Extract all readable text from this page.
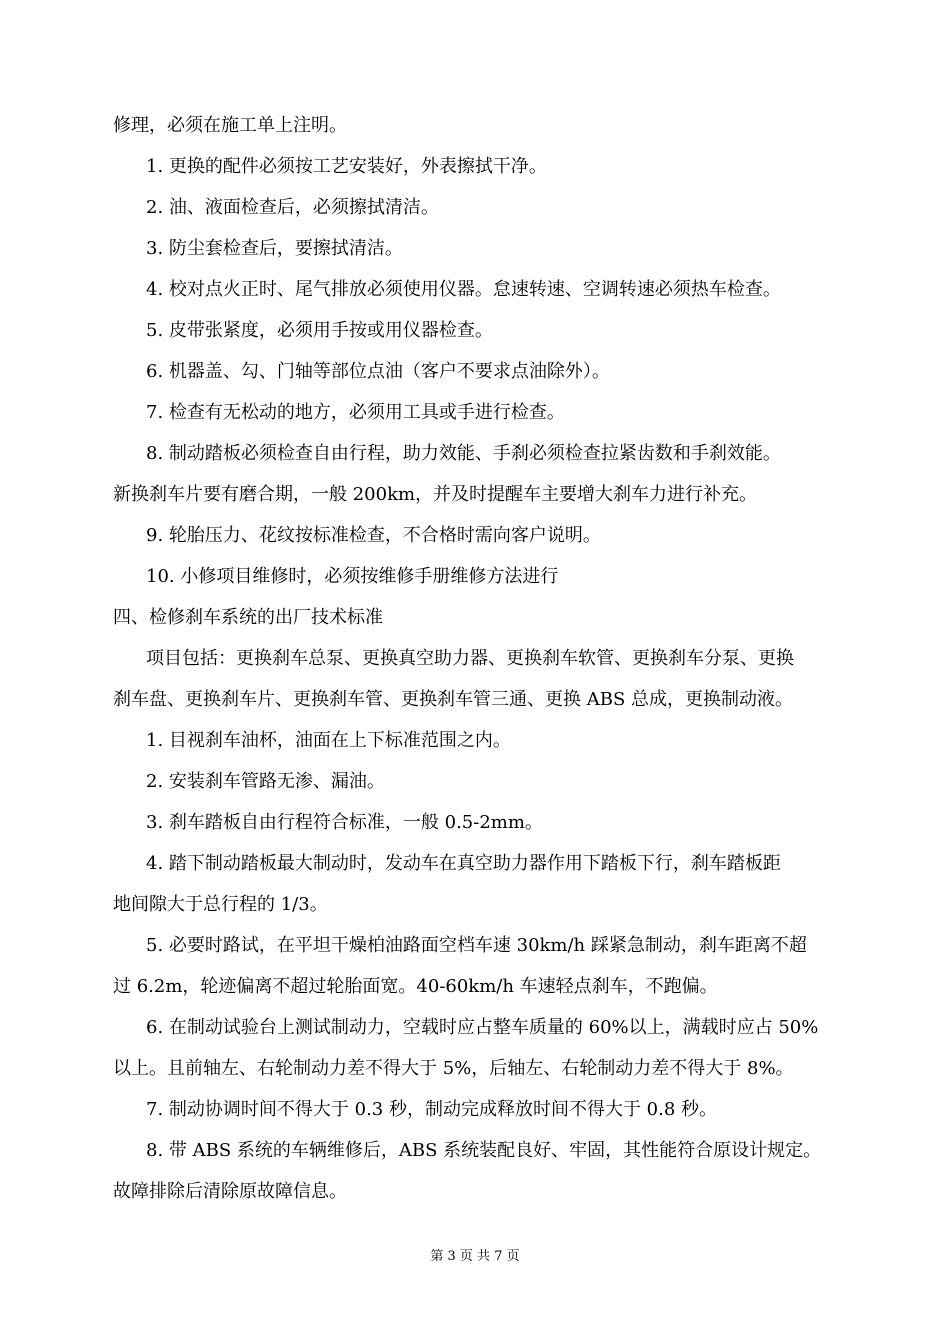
修理，必须在施工单上注明。
1. 更换的配件必须按工艺安装好，外表擦拭干净。
2. 油、液面检查后，必须擦拭清洁。
3. 防尘套检查后，要擦拭清洁。
4. 校对点火正时、尾气排放必须使用仪器。怠速转速、空调转速必须热车检查。
5. 皮带张紧度，必须用手按或用仪器检查。
6. 机器盖、勾、门轴等部位点油（客户不要求点油除外）。
7. 检查有无松动的地方，必须用工具或手进行检查。
8. 制动踏板必须检查自由行程，助力效能、手刹必须检查拉紧齿数和手刹效能。
新换刹车片要有磨合期，一般 200km，并及时提醒车主要增大刹车力进行补充。
9. 轮胎压力、花纹按标准检查，不合格时需向客户说明。
10. 小修项目维修时，必须按维修手册维修方法进行
四、检修刹车系统的出厂技术标准
项目包括：更换刹车总泵、更换真空助力器、更换刹车软管、更换刹车分泵、更换
刹车盘、更换刹车片、更换刹车管、更换刹车管三通、更换 ABS 总成，更换制动液。
1. 目视刹车油杯，油面在上下标准范围之内。
2. 安装刹车管路无渗、漏油。
3. 刹车踏板自由行程符合标准，一般 0.5-2mm。
4. 踏下制动踏板最大制动时，发动车在真空助力器作用下踏板下行，刹车踏板距
地间隙大于总行程的 1/3。
5. 必要时路试，在平坦干燥柏油路面空档车速 30km/h 踩紧急制动，刹车距离不超
过 6.2m，轮迹偏离不超过轮胎面宽。40-60km/h 车速轻点刹车，不跑偏。
6. 在制动试验台上测试制动力，空载时应占整车质量的 60%以上，满载时应占 50%
以上。且前轴左、右轮制动力差不得大于 5%，后轴左、右轮制动力差不得大于 8%。
7. 制动协调时间不得大于 0.3 秒，制动完成释放时间不得大于 0.8 秒。
8. 带 ABS 系统的车辆维修后，ABS 系统装配良好、牢固，其性能符合原设计规定。
故障排除后清除原故障信息。
第 3 页 共 7 页
